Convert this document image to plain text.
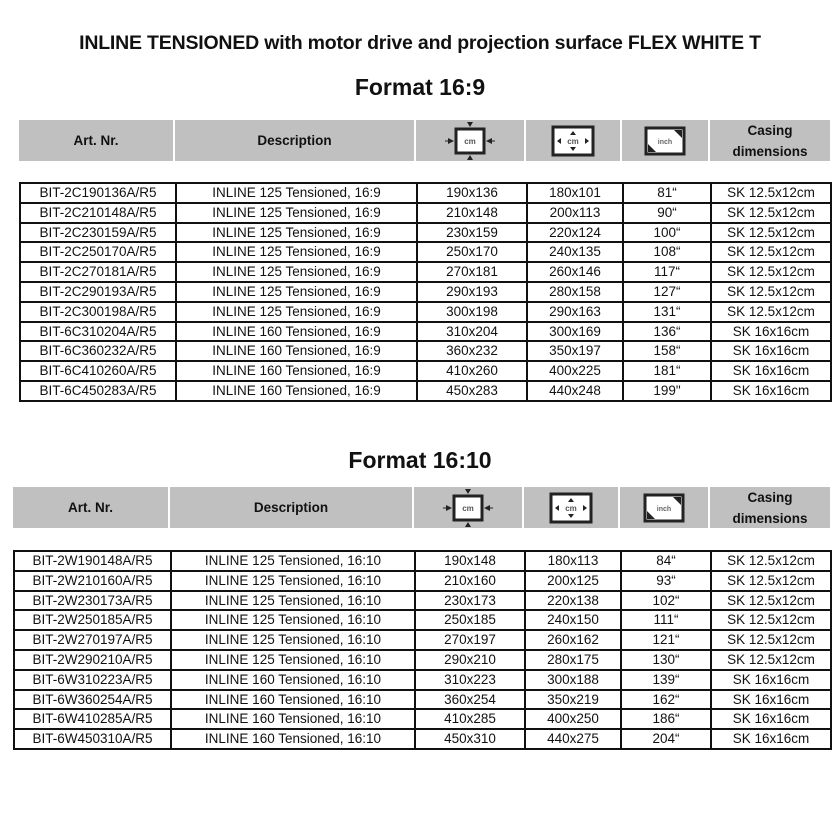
INLINE TENSIONED with motor drive and projection surface FLEX WHITE T
Format 16:9
Art. Nr.	Description	cm	cm	inch
Casing
dimensions
BIT-2C190136A/R5	INLINE 125 Tensioned, 16:9	190x136	180x101	81“	SK 12.5x12cm
BIT-2C210148A/R5	INLINE 125 Tensioned, 16:9	210x148	200x113	90“	SK 12.5x12cm
BIT-2C230159A/R5	INLINE 125 Tensioned, 16:9	230x159	220x124	100“	SK 12.5x12cm
BIT-2C250170A/R5	INLINE 125 Tensioned, 16:9	250x170	240x135	108“	SK 12.5x12cm
BIT-2C270181A/R5	INLINE 125 Tensioned, 16:9	270x181	260x146	117“	SK 12.5x12cm
BIT-2C290193A/R5	INLINE 125 Tensioned, 16:9	290x193	280x158	127“	SK 12.5x12cm
BIT-2C300198A/R5	INLINE 125 Tensioned, 16:9	300x198	290x163	131“	SK 12.5x12cm
BIT-6C310204A/R5	INLINE 160 Tensioned, 16:9	310x204	300x169	136“	SK 16x16cm
BIT-6C360232A/R5	INLINE 160 Tensioned, 16:9	360x232	350x197	158“	SK 16x16cm
BIT-6C410260A/R5	INLINE 160 Tensioned, 16:9	410x260	400x225	181“	SK 16x16cm
BIT-6C450283A/R5	INLINE 160 Tensioned, 16:9	450x283	440x248	199"	SK 16x16cm
Format 16:10
Art. Nr.	Description	cm	cm	inch
Casing
dimensions
BIT-2W190148A/R5	INLINE 125 Tensioned, 16:10	190x148	180x113	84“	SK 12.5x12cm
BIT-2W210160A/R5	INLINE 125 Tensioned, 16:10	210x160	200x125	93“	SK 12.5x12cm
BIT-2W230173A/R5	INLINE 125 Tensioned, 16:10	230x173	220x138	102“	SK 12.5x12cm
BIT-2W250185A/R5	INLINE 125 Tensioned, 16:10	250x185	240x150	111“	SK 12.5x12cm
BIT-2W270197A/R5	INLINE 125 Tensioned, 16:10	270x197	260x162	121“	SK 12.5x12cm
BIT-2W290210A/R5	INLINE 125 Tensioned, 16:10	290x210	280x175	130“	SK 12.5x12cm
BIT-6W310223A/R5	INLINE 160 Tensioned, 16:10	310x223	300x188	139“	SK 16x16cm
BIT-6W360254A/R5	INLINE 160 Tensioned, 16:10	360x254	350x219	162“	SK 16x16cm
BIT-6W410285A/R5	INLINE 160 Tensioned, 16:10	410x285	400x250	186“	SK 16x16cm
BIT-6W450310A/R5	INLINE 160 Tensioned, 16:10	450x310	440x275	204“	SK 16x16cm
